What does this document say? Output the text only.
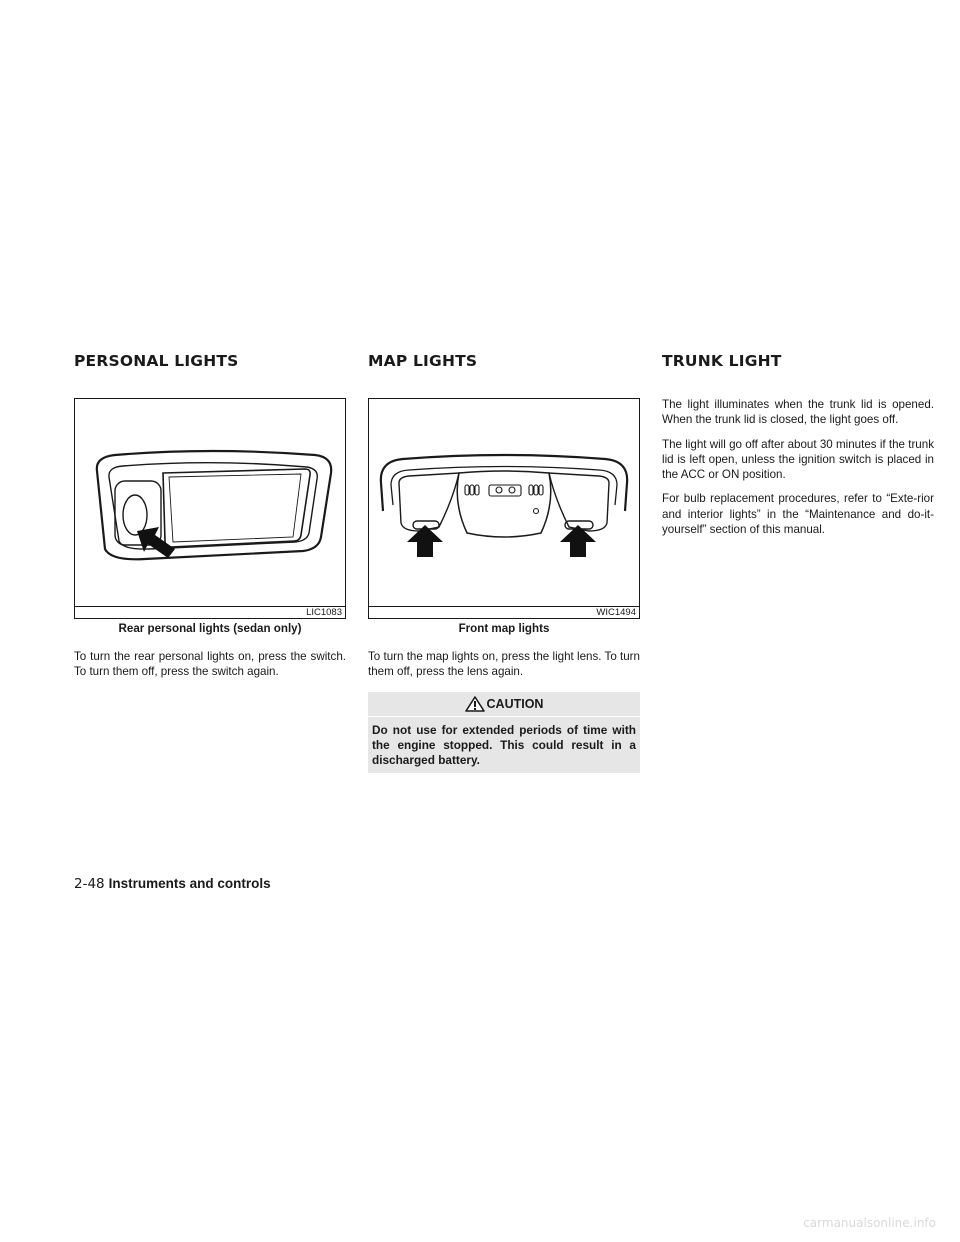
PERSONAL LIGHTS
LIC1083
Rear personal lights (sedan only)

To turn the rear personal lights on, press the switch. To turn them off, press the switch again.

MAP LIGHTS
WIC1494
Front map lights

To turn the map lights on, press the light lens. To turn them off, press the lens again.

CAUTION
Do not use for extended periods of time with the engine stopped. This could result in a discharged battery.
TRUNK LIGHT

The light illuminates when the trunk lid is opened. When the trunk lid is closed, the light goes off.

The light will go off after about 30 minutes if the trunk lid is left open, unless the ignition switch is placed in the ACC or ON position.

For bulb replacement procedures, refer to “Exte-rior and interior lights” in the “Maintenance and do-it-yourself” section of this manual.

2-48 Instruments and controls
carmanualsonline.info
